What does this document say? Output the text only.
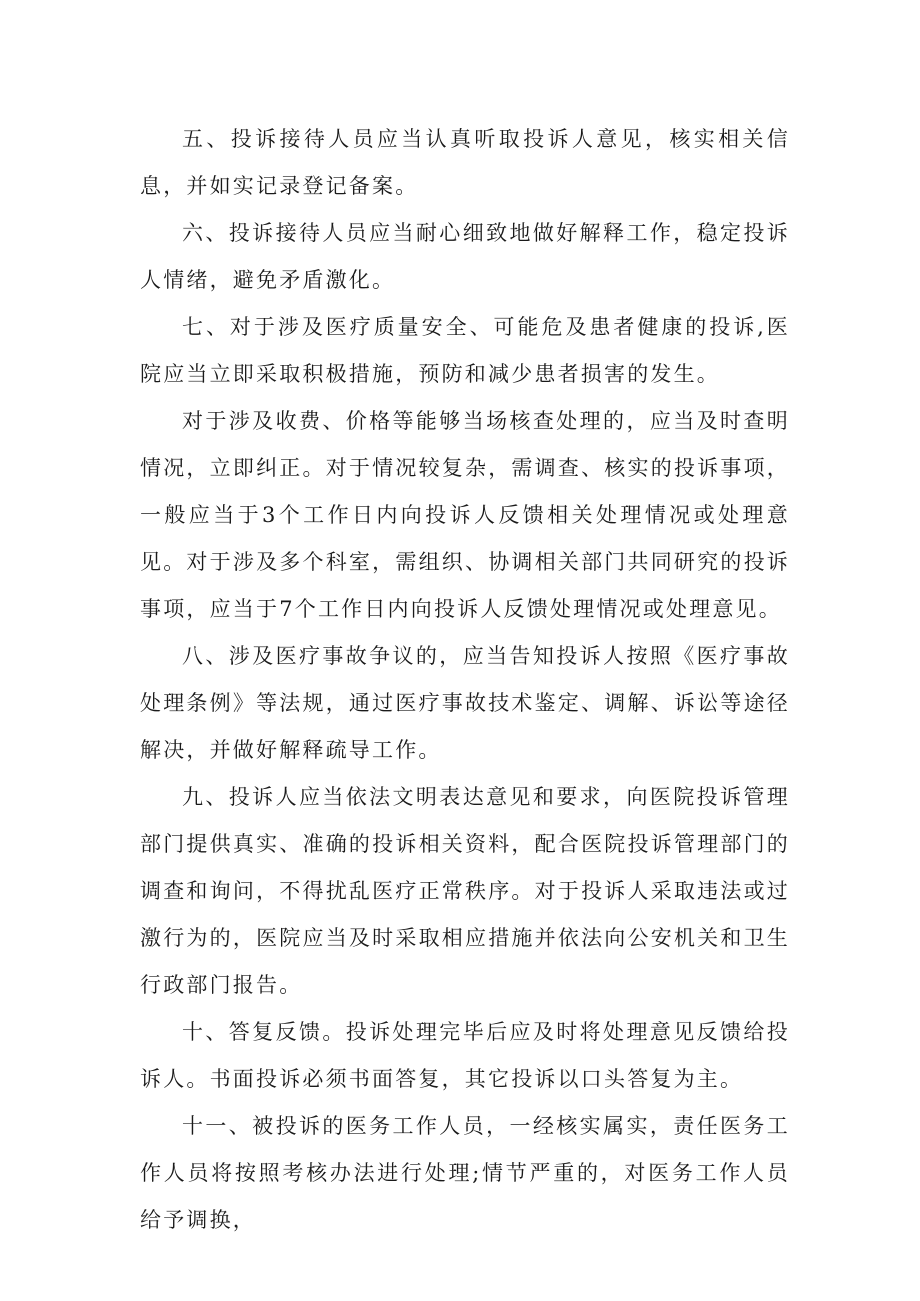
五、投诉接待人员应当认真听取投诉人意见，核实相关信息，并如实记录登记备案。

六、投诉接待人员应当耐心细致地做好解释工作，稳定投诉人情绪，避免矛盾激化。

七、对于涉及医疗质量安全、可能危及患者健康的投诉,医院应当立即采取积极措施，预防和减少患者损害的发生。

对于涉及收费、价格等能够当场核查处理的，应当及时查明情况，立即纠正。对于情况较复杂，需调查、核实的投诉事项，一般应当于3个工作日内向投诉人反馈相关处理情况或处理意见。对于涉及多个科室，需组织、协调相关部门共同研究的投诉事项，应当于7个工作日内向投诉人反馈处理情况或处理意见。

八、涉及医疗事故争议的，应当告知投诉人按照《医疗事故处理条例》等法规，通过医疗事故技术鉴定、调解、诉讼等途径解决，并做好解释疏导工作。

九、投诉人应当依法文明表达意见和要求，向医院投诉管理部门提供真实、准确的投诉相关资料，配合医院投诉管理部门的调查和询问，不得扰乱医疗正常秩序。对于投诉人采取违法或过激行为的，医院应当及时采取相应措施并依法向公安机关和卫生行政部门报告。

十、答复反馈。投诉处理完毕后应及时将处理意见反馈给投诉人。书面投诉必须书面答复，其它投诉以口头答复为主。

十一、被投诉的医务工作人员，一经核实属实，责任医务工作人员将按照考核办法进行处理;情节严重的，对医务工作人员给予调换，
